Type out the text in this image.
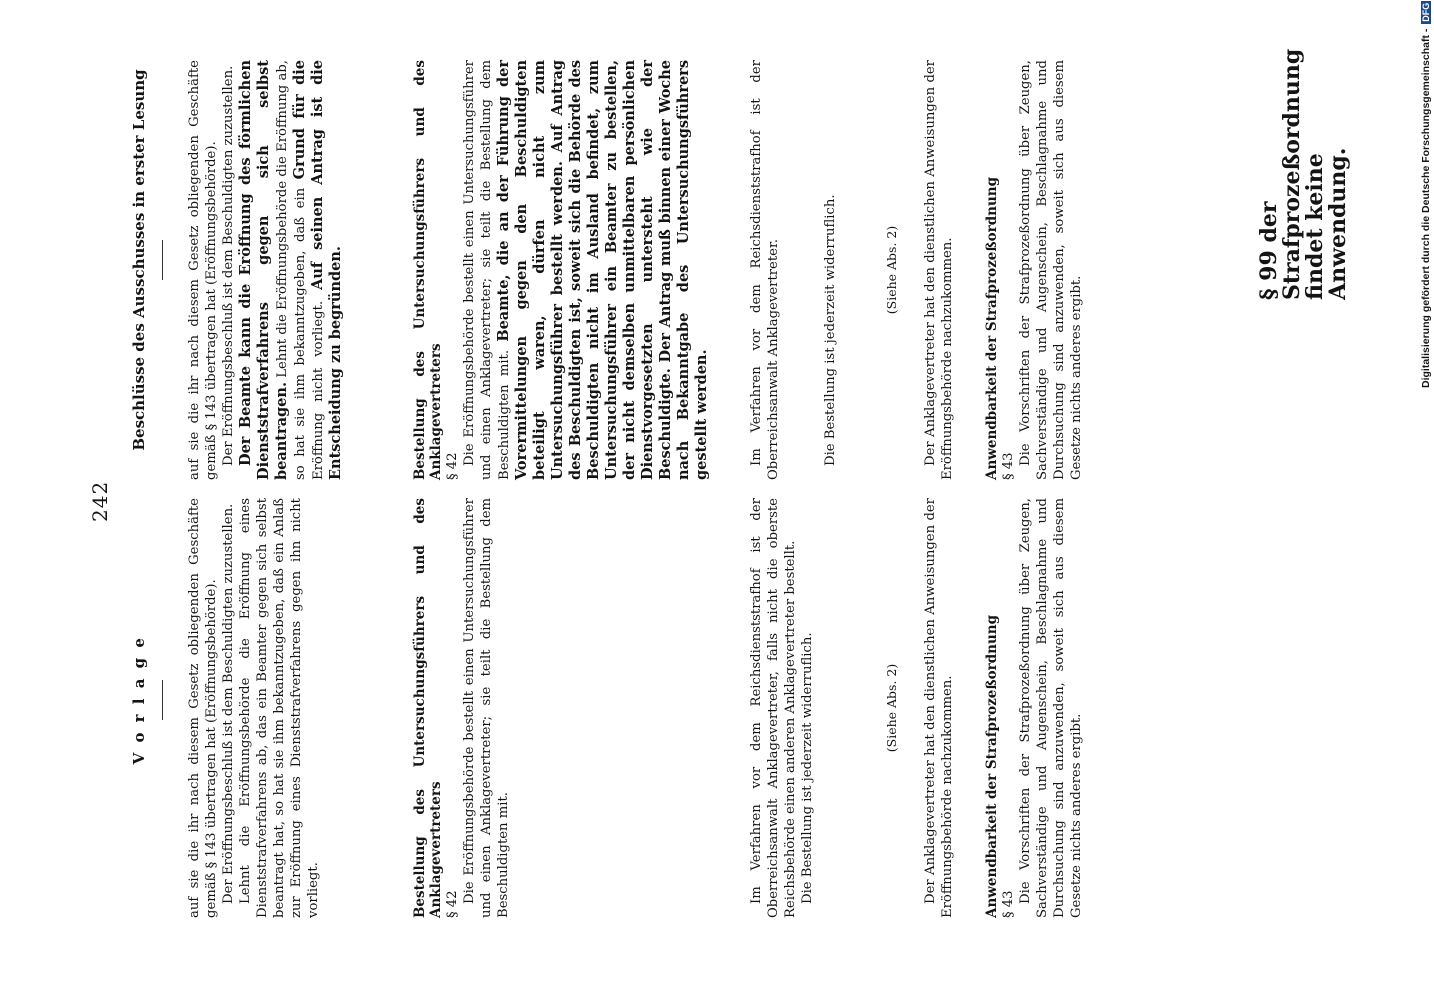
242
V o r l a g e	auf sie die ihr nach diesem Gesetz obliegenden Geschäfte gemäß § 143 übertragen hat (Eröffnungsbehörde). Der Eröffnungsbeschluß ist dem Beschuldigten zuzustellen. Lehnt die Eröffnungsbehörde die Eröffnung eines Dienststrafverfahrens ab, das ein Beamter gegen sich selbst beantragt hat, so hat sie ihm bekanntzugeben, daß ein Anlaß zur Eröffnung eines Dienststrafverfahrens gegen ihn nicht vorliegt.	Bestellung des Untersuchungsführers und des Anklagevertreters § 42

Die Eröffnungsbehörde bestellt einen Untersuchungsführer und einen Anklagevertreter; sie teilt die Bestellung dem Beschuldigten mit.	Im Verfahren vor dem Reichsdienststrafhof ist der Oberreichsanwalt Anklagevertreter, falls nicht die oberste Reichsbehörde einen anderen Anklagevertreter bestellt. Die Bestellung ist jederzeit widerruflich.	(Siehe Abs. 2) Der Anklagevertreter hat den dienstlichen Anweisungen der Eröffnungsbehörde nachzukommen. Anwendbarkeit der Strafprozeßordnung § 43

Die Vorschriften der Strafprozeßordnung über Zeugen, Sachverständige und Augenschein, Beschlagnahme und Durchsuchung sind anzuwenden, soweit sich aus diesem Gesetze nichts anderes ergibt.

Beschlüsse des Ausschusses in erster Lesung	auf sie die ihr nach diesem Gesetz obliegenden Geschäfte gemäß § 143 übertragen hat (Eröffnungsbehörde). Der Eröffnungsbeschluß ist dem Beschuldigten zuzustellen. Der Beamte kann die Eröffnung des förmlichen Dienststrafverfahrens gegen sich selbst beantragen. Lehnt die Eröffnungsbehörde die Eröffnung ab, so hat sie ihm bekanntzugeben, daß ein Grund für die Eröffnung nicht vorliegt. Auf seinen Antrag ist die Entscheidung zu begründen.	Bestellung des Untersuchungsführers und des Anklagevertreters § 42

Die Eröffnungsbehörde bestellt einen Untersuchungsführer und einen Anklagevertreter; sie teilt die Bestellung dem Beschuldigten mit. Beamte, die an der Führung der Vorermittelungen gegen den Beschuldigten beteiligt waren, dürfen nicht zum Untersuchungsführer bestellt werden. Auf Antrag des Beschuldigten ist, soweit sich die Behörde des Beschuldigten nicht im Ausland befindet, zum Untersuchungsführer ein Beamter zu bestellen, der nicht demselben unmittelbaren persönlichen Dienstvorgesetzten untersteht wie der Beschuldigte. Der Antrag muß binnen einer Woche nach Bekanntgabe des Untersuchungsführers gestellt werden.	Im Verfahren vor dem Reichsdienststrafhof ist der Oberreichsanwalt Anklagevertreter.	Die Bestellung ist jederzeit widerruflich.	(Siehe Abs. 2) Der Anklagevertreter hat den dienstlichen Anweisungen der Eröffnungsbehörde nachzukommen. Anwendbarkeit der Strafprozeßordnung § 43

Die Vorschriften der Strafprozeßordnung über Zeugen, Sachverständige und Augenschein, Beschlagnahme und Durchsuchung sind anzuwenden, soweit sich aus diesem Gesetze nichts anderes ergibt.

§ 99 der Strafprozeßordnung findet keine Anwendung.	Digitalisierung gefördert durch die Deutsche Forschungsgemeinschaft - DFG
